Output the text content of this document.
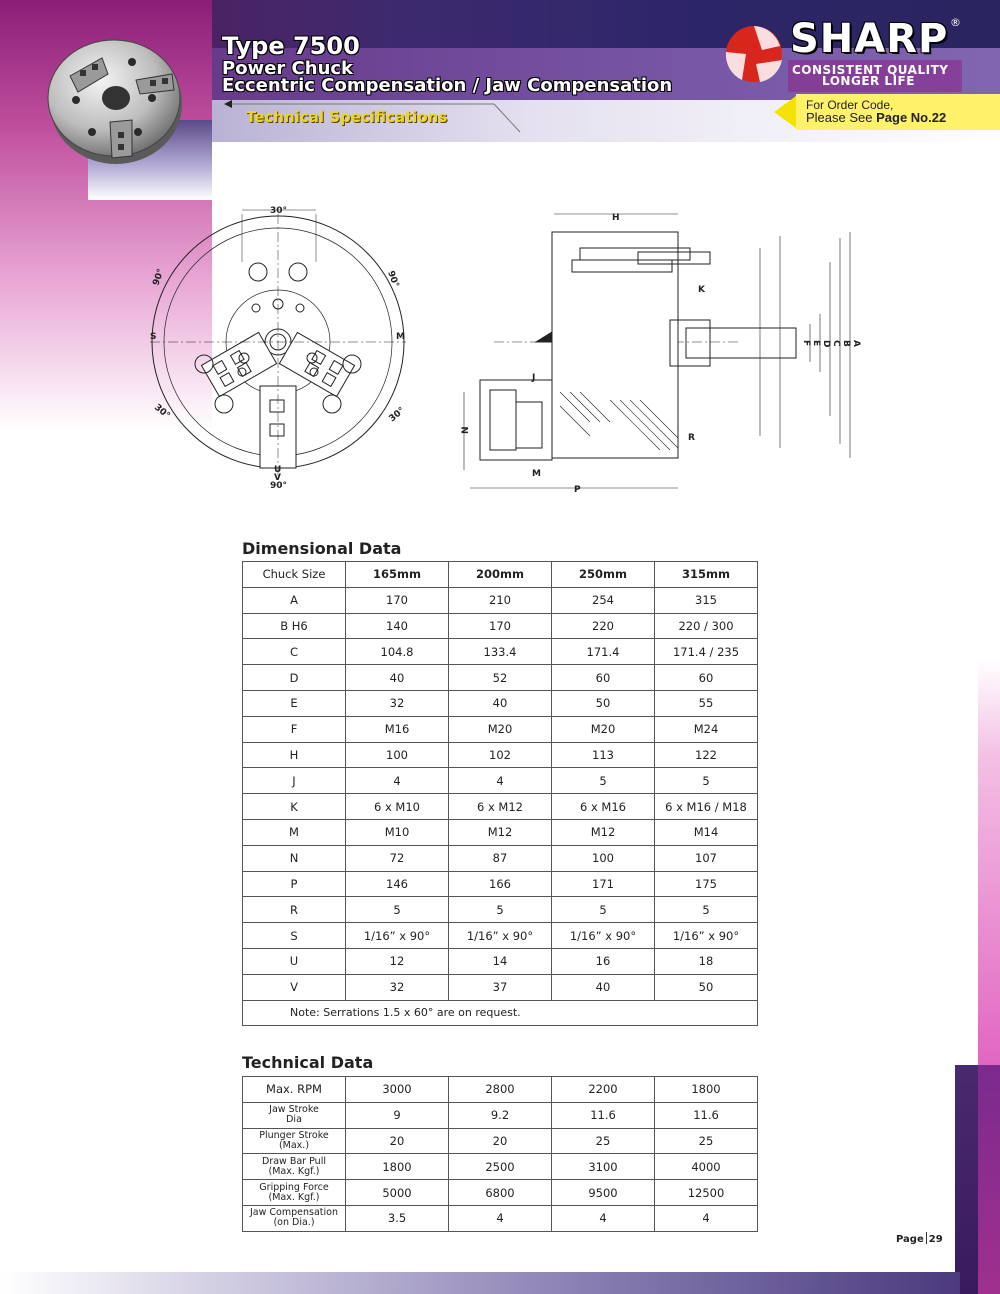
Type 7500
Power Chuck
Eccentric Compensation / Jaw Compensation
Technical Specifications
SHARP ®
CONSISTENT QUALITY
LONGER LIFE
For Order Code,
Please See Page No.22
30°
90°	90°
S	M
30°	30°
U
V
90°
H
K
J
N
M
P
R
F E D C B A
Dimensional Data
Chuck Size	165mm	200mm	250mm	315mm
A	170	210	254	315
B H6	140	170	220	220 / 300
C	104.8	133.4	171.4	171.4 / 235
D	40	52	60	60
E	32	40	50	55
F	M16	M20	M20	M24
H	100	102	113	122
J	4	4	5	5
K	6 x M10	6 x M12	6 x M16	6 x M16 / M18
M	M10	M12	M12	M14
N	72	87	100	107
P	146	166	171	175
R	5	5	5	5
S	1/16” x 90°	1/16” x 90°	1/16” x 90°	1/16” x 90°
U	12	14	16	18
V	32	37	40	50
Note: Serrations 1.5 x 60° are on request.				
Technical Data
Max. RPM	3000	2800	2200	1800

Jaw Stroke
Dia	9	9.2	11.6	11.6

Plunger Stroke
(Max.)	20	20	25	25

Draw Bar Pull
(Max. Kgf.)	1800	2500	3100	4000

Gripping Force
(Max. Kgf.)	5000	6800	9500	12500

Jaw Compensation
(on Dia.)	3.5	4	4	4
Page 29
